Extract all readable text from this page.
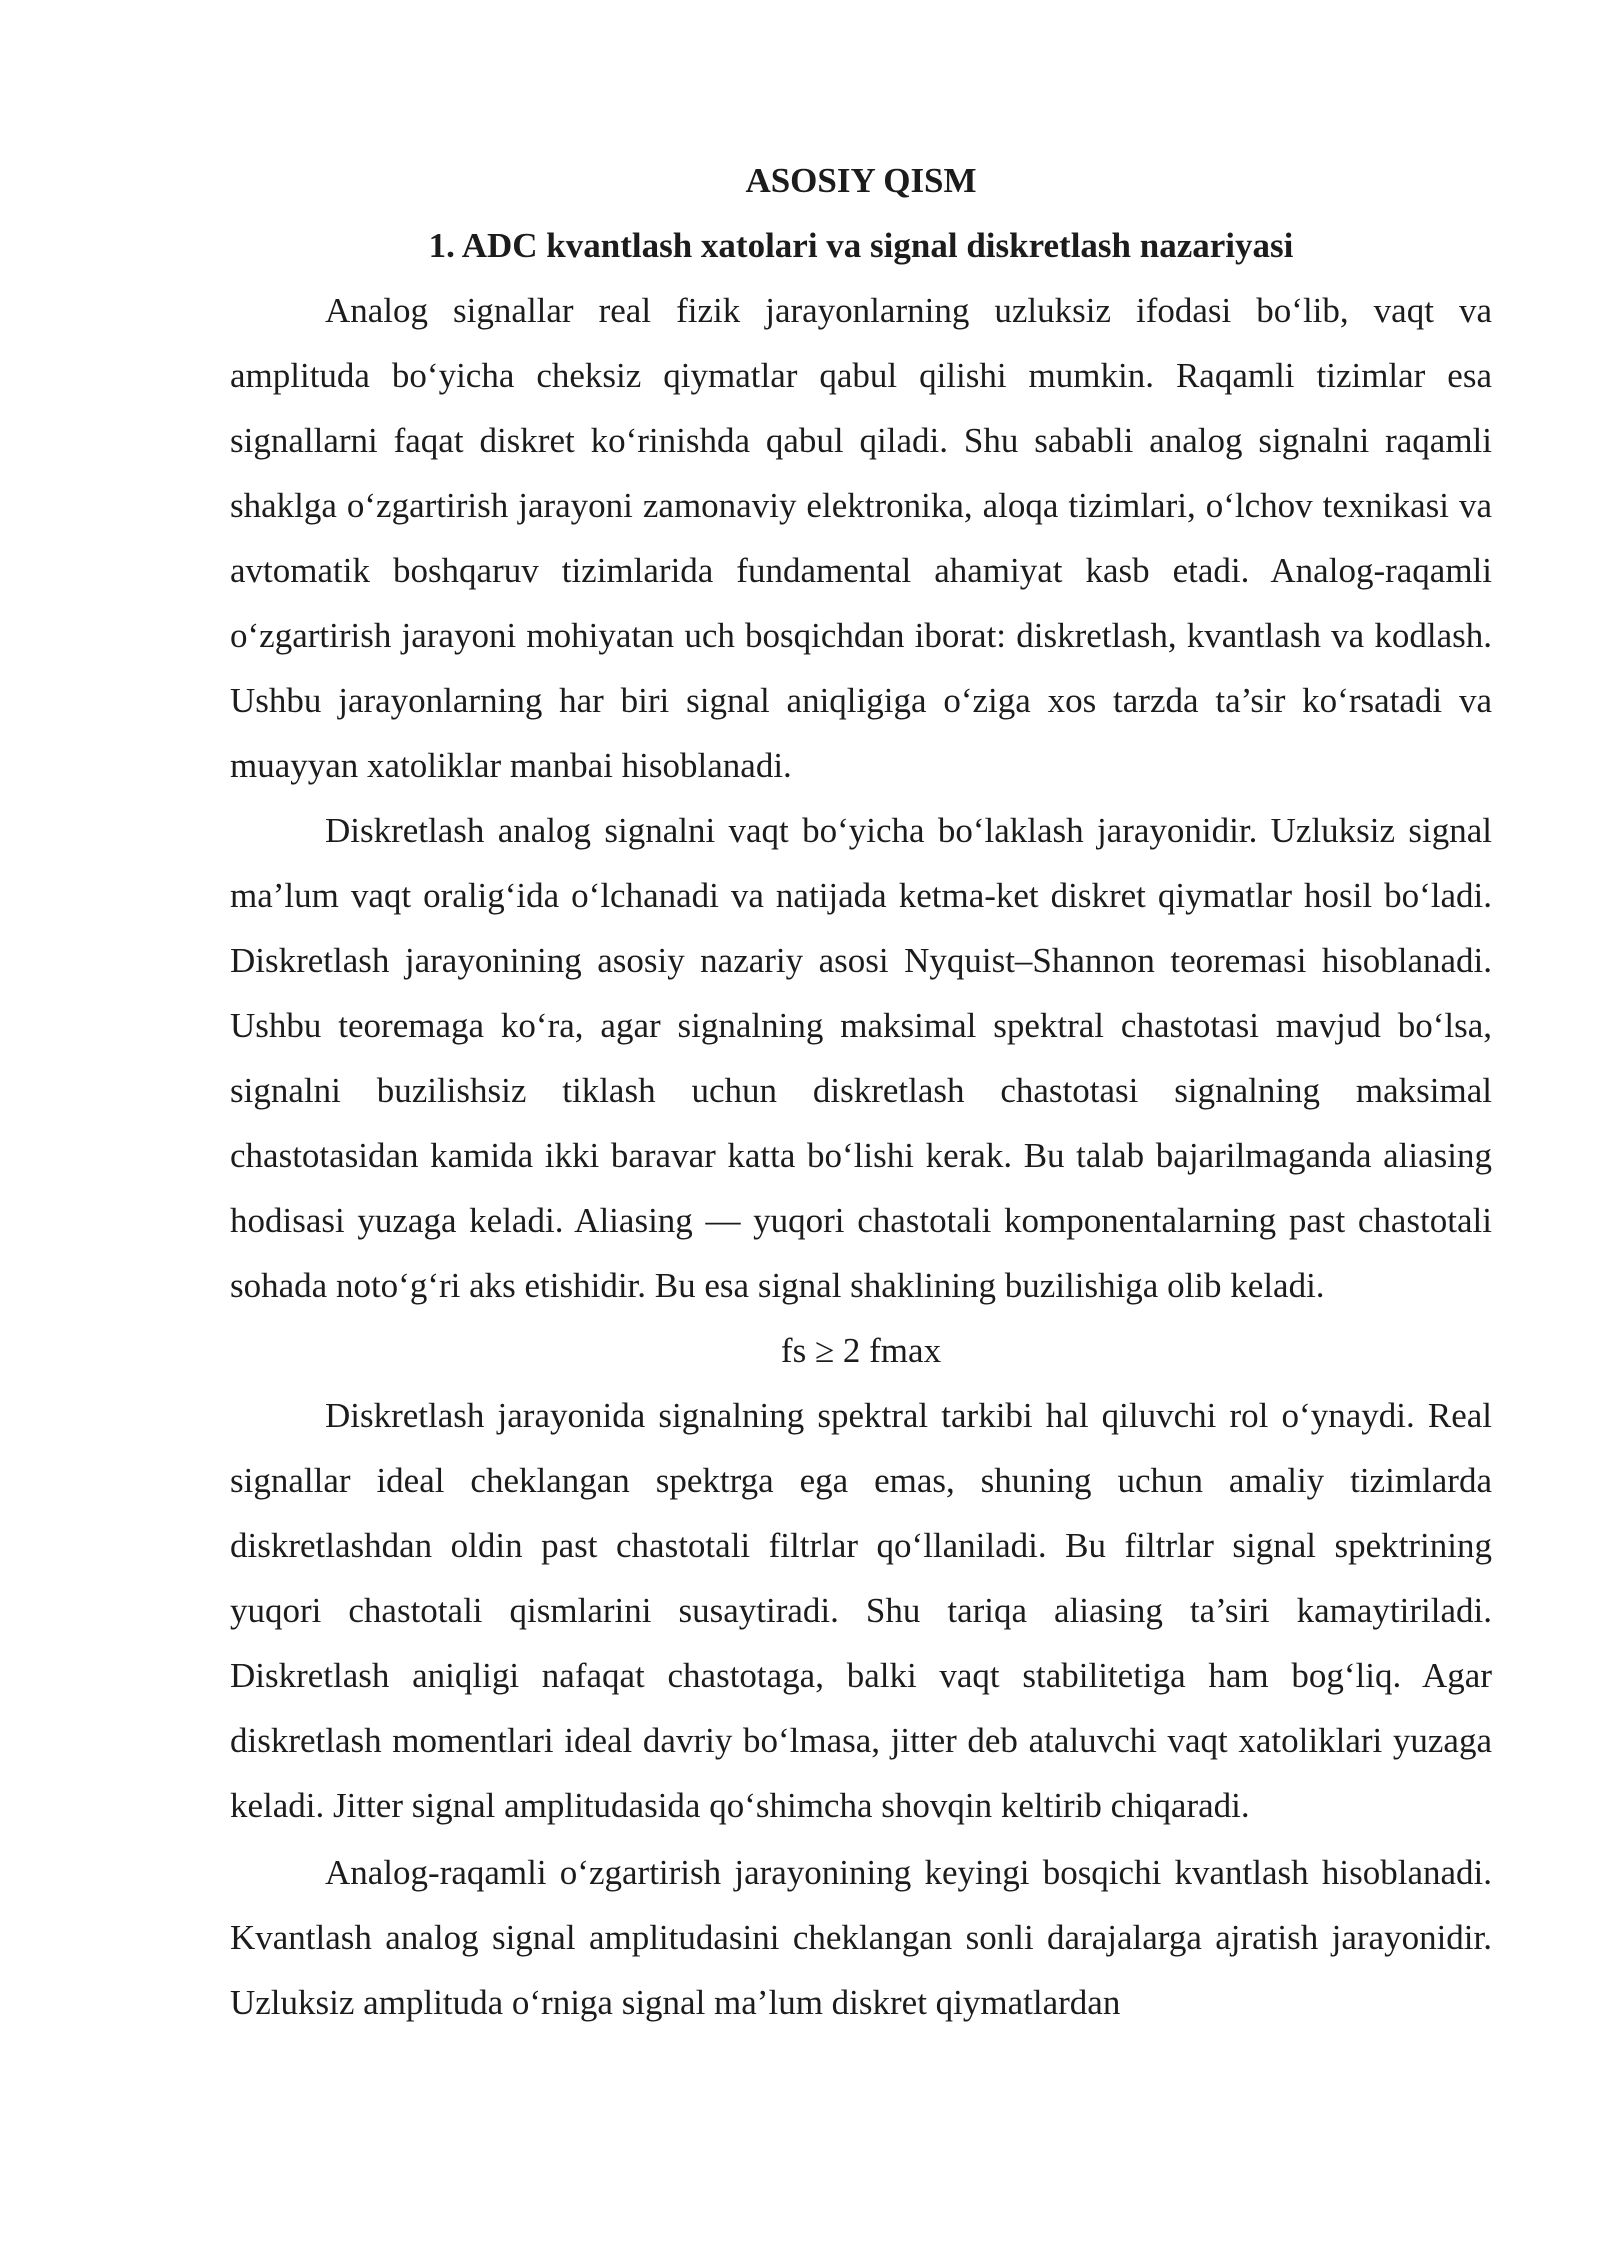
ASOSIY QISM
1. ADC kvantlash xatolari va signal diskretlash nazariyasi

Analog signallar real fizik jarayonlarning uzluksiz ifodasi bo‘lib, vaqt va amplituda bo‘yicha cheksiz qiymatlar qabul qilishi mumkin. Raqamli tizimlar esa signallarni faqat diskret ko‘rinishda qabul qiladi. Shu sababli analog signalni raqamli shaklga o‘zgartirish jarayoni zamonaviy elektronika, aloqa tizimlari, o‘lchov texnikasi va avtomatik boshqaruv tizimlarida fundamental ahamiyat kasb etadi. Analog-raqamli o‘zgartirish jarayoni mohiyatan uch bosqichdan iborat: diskretlash, kvantlash va kodlash. Ushbu jarayonlarning har biri signal aniqligiga o‘ziga xos tarzda ta’sir ko‘rsatadi va muayyan xatoliklar manbai hisoblanadi.

Diskretlash analog signalni vaqt bo‘yicha bo‘laklash jarayonidir. Uzluksiz signal ma’lum vaqt oralig‘ida o‘lchanadi va natijada ketma-ket diskret qiymatlar hosil bo‘ladi. Diskretlash jarayonining asosiy nazariy asosi Nyquist–Shannon teoremasi hisoblanadi. Ushbu teoremaga ko‘ra, agar signalning maksimal spektral chastotasi mavjud bo‘lsa, signalni buzilishsiz tiklash uchun diskretlash chastotasi signalning maksimal chastotasidan kamida ikki baravar katta bo‘lishi kerak. Bu talab bajarilmaganda aliasing hodisasi yuzaga keladi. Aliasing — yuqori chastotali komponentalarning past chastotali sohada noto‘g‘ri aks etishidir. Bu esa signal shaklining buzilishiga olib keladi.

fs ≥ 2 fmax

Diskretlash jarayonida signalning spektral tarkibi hal qiluvchi rol o‘ynaydi. Real signallar ideal cheklangan spektrga ega emas, shuning uchun amaliy tizimlarda diskretlashdan oldin past chastotali filtrlar qo‘llaniladi. Bu filtrlar signal spektrining yuqori chastotali qismlarini susaytiradi. Shu tariqa aliasing ta’siri kamaytiriladi. Diskretlash aniqligi nafaqat chastotaga, balki vaqt stabilitetiga ham bog‘liq. Agar diskretlash momentlari ideal davriy bo‘lmasa, jitter deb ataluvchi vaqt xatoliklari yuzaga keladi. Jitter signal amplitudasida qo‘shimcha shovqin keltirib chiqaradi.

Analog-raqamli o‘zgartirish jarayonining keyingi bosqichi kvantlash hisoblanadi. Kvantlash analog signal amplitudasini cheklangan sonli darajalarga ajratish jarayonidir. Uzluksiz amplituda o‘rniga signal ma’lum diskret qiymatlardan
